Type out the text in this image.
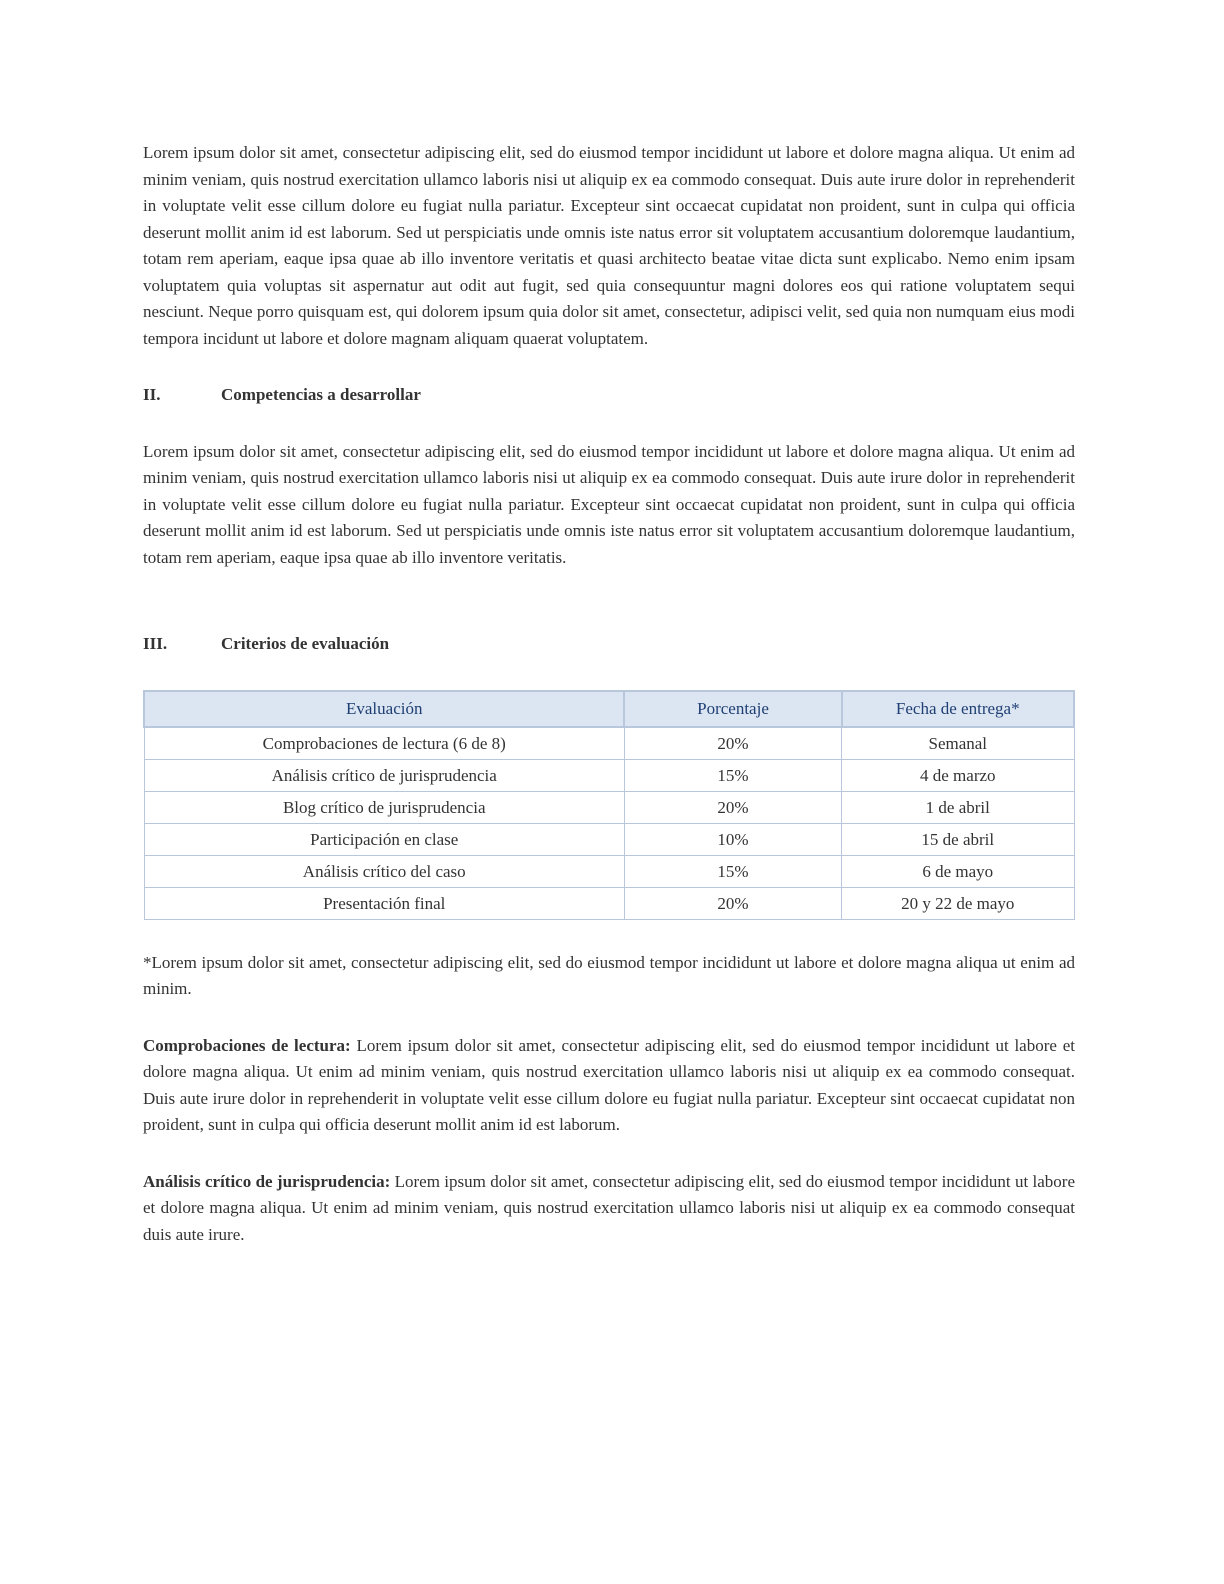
Lorem ipsum dolor sit amet, consectetur adipiscing elit, sed do eiusmod tempor incididunt ut labore et dolore magna aliqua. Ut enim ad minim veniam, quis nostrud exercitation ullamco laboris nisi ut aliquip ex ea commodo consequat. Duis aute irure dolor in reprehenderit in voluptate velit esse cillum dolore eu fugiat nulla pariatur. Excepteur sint occaecat cupidatat non proident, sunt in culpa qui officia deserunt mollit anim id est laborum. Sed ut perspiciatis unde omnis iste natus error sit voluptatem accusantium doloremque laudantium, totam rem aperiam, eaque ipsa quae ab illo inventore veritatis et quasi architecto beatae vitae dicta sunt explicabo. Nemo enim ipsam voluptatem quia voluptas sit aspernatur aut odit aut fugit, sed quia consequuntur magni dolores eos qui ratione voluptatem sequi nesciunt. Neque porro quisquam est, qui dolorem ipsum quia dolor sit amet, consectetur, adipisci velit, sed quia non numquam eius modi tempora incidunt ut labore et dolore magnam aliquam quaerat voluptatem.

II.	Competencias a desarrollar

Lorem ipsum dolor sit amet, consectetur adipiscing elit, sed do eiusmod tempor incididunt ut labore et dolore magna aliqua. Ut enim ad minim veniam, quis nostrud exercitation ullamco laboris nisi ut aliquip ex ea commodo consequat. Duis aute irure dolor in reprehenderit in voluptate velit esse cillum dolore eu fugiat nulla pariatur. Excepteur sint occaecat cupidatat non proident, sunt in culpa qui officia deserunt mollit anim id est laborum. Sed ut perspiciatis unde omnis iste natus error sit voluptatem accusantium doloremque laudantium, totam rem aperiam, eaque ipsa quae ab illo inventore veritatis.

III.	Criterios de evaluación
Evaluación	Porcentaje	Fecha de entrega*
Comprobaciones de lectura (6 de 8)	20%	Semanal
Análisis crítico de jurisprudencia	15%	4 de marzo
Blog crítico de jurisprudencia	20%	1 de abril
Participación en clase	10%	15 de abril
Análisis crítico del caso	15%	6 de mayo
Presentación final	20%	20 y 22 de mayo

*Lorem ipsum dolor sit amet, consectetur adipiscing elit, sed do eiusmod tempor incididunt ut labore et dolore magna aliqua ut enim ad minim.

Comprobaciones de lectura: Lorem ipsum dolor sit amet, consectetur adipiscing elit, sed do eiusmod tempor incididunt ut labore et dolore magna aliqua. Ut enim ad minim veniam, quis nostrud exercitation ullamco laboris nisi ut aliquip ex ea commodo consequat. Duis aute irure dolor in reprehenderit in voluptate velit esse cillum dolore eu fugiat nulla pariatur. Excepteur sint occaecat cupidatat non proident, sunt in culpa qui officia deserunt mollit anim id est laborum.

Análisis crítico de jurisprudencia: Lorem ipsum dolor sit amet, consectetur adipiscing elit, sed do eiusmod tempor incididunt ut labore et dolore magna aliqua. Ut enim ad minim veniam, quis nostrud exercitation ullamco laboris nisi ut aliquip ex ea commodo consequat duis aute irure.
